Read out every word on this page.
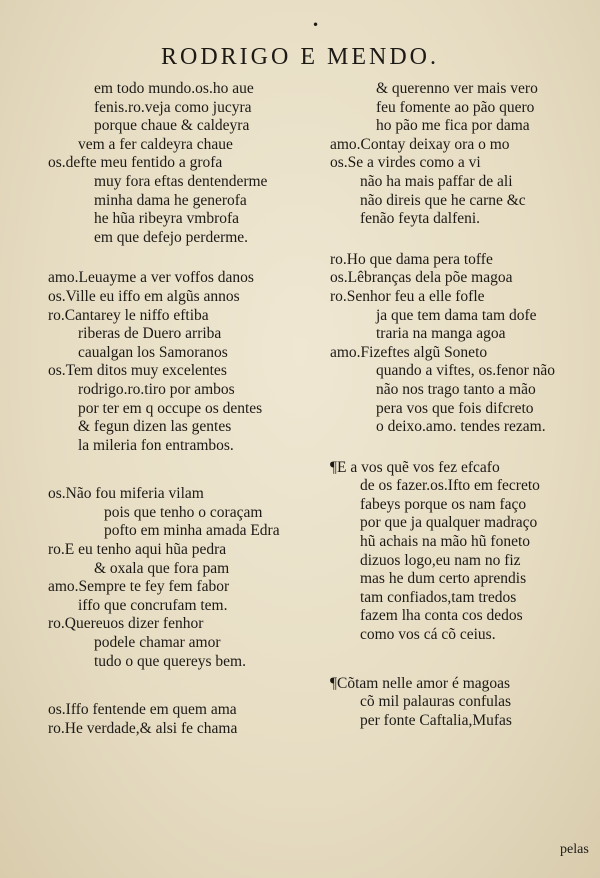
•
RODRIGO E MENDO.
em todo mundo.os.ho aue
fenis.ro.veja como jucyra
porque chaue & caldeyra
vem a fer caldeyra chaue
os.defte meu fentido a grofa
muy fora eftas dentenderme
minha dama he generofa
he hũa ribeyra vmbrofa
em que defejo perderme.
amo.Leuayme a ver voffos danos
os.Ville eu iffo em algũs annos
ro.Cantarey le niffo eftiba
riberas de Duero arriba
caualgan los Samoranos
os.Tem ditos muy excelentes
rodrigo.ro.tiro por ambos
por ter em q occupe os dentes
& fegun dizen las gentes
la mileria fon entrambos.
os.Não fou miferia vilam
pois que tenho o coraçam
pofto em minha amada Edra
ro.E eu tenho aqui hũa pedra
& oxala que fora pam
amo.Sempre te fey fem fabor
iffo que concrufam tem.
ro.Quereuos dizer fenhor
podele chamar amor
tudo o que quereys bem.
os.Iffo fentende em quem ama
ro.He verdade,& alsi fe chama
& querenno ver mais vero
feu fomente ao pão quero
ho pão me fica por dama
amo.Contay deixay ora o mo
os.Se a virdes como a vi
não ha mais paffar de ali
não direis que he carne &c
fenão feyta dalfeni.
ro.Ho que dama pera toffe
os.Lêbranças dela põe magoa
ro.Senhor feu a elle fofle
ja que tem dama tam dofe
traria na manga agoa
amo.Fizeftes algũ Soneto
quando a viftes, os.fenor não
não nos trago tanto a mão
pera vos que fois difcreto
o deixo.amo. tendes rezam.
¶E a vos quẽ vos fez efcafo
de os fazer.os.Ifto em fecreto
fabeys porque os nam faço
por que ja qualquer madraço
hũ achais na mão hũ foneto
dizuos logo,eu nam no fiz
mas he dum certo aprendis
tam confiados,tam tredos
fazem lha conta cos dedos
como vos cá cõ ceius.
¶Cõtam nelle amor é magoas
cõ mil palauras confulas
per fonte Caftalia,Mufas
pelas
